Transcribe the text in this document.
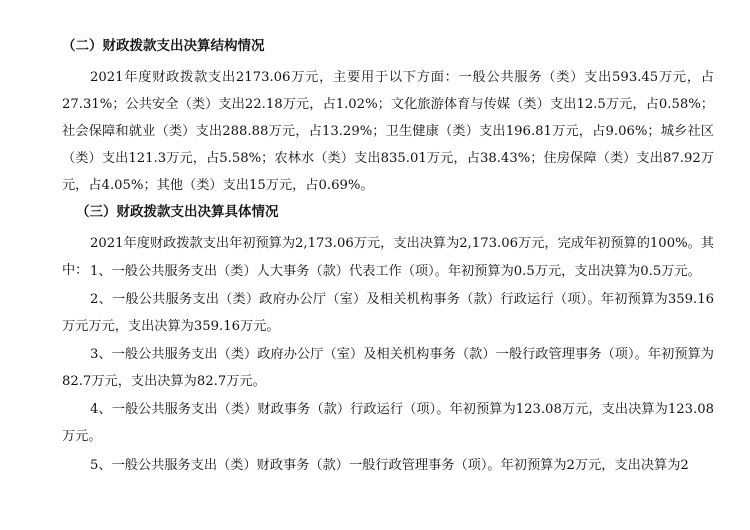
（二）财政拨款支出决算结构情况
2021年度财政拨款支出2173.06万元，主要用于以下方面：一般公共服务（类）支出593.45万元，占27.31%；公共安全（类）支出22.18万元，占1.02%；文化旅游体育与传媒（类）支出12.5万元，占0.58%；社会保障和就业（类）支出288.88万元，占13.29%；卫生健康（类）支出196.81万元，占9.06%；城乡社区（类）支出121.3万元，占5.58%；农林水（类）支出835.01万元，占38.43%；住房保障（类）支出87.92万元，占4.05%；其他（类）支出15万元，占0.69%。
（三）财政拨款支出决算具体情况
2021年度财政拨款支出年初预算为2,173.06万元，支出决算为2,173.06万元，完成年初预算的100%。其中： 1、一般公共服务支出（类）人大事务（款）代表工作（项）。年初预算为0.5万元，支出决算为0.5万元。
2、一般公共服务支出（类）政府办公厅（室）及相关机构事务（款）行政运行（项）。年初预算为359.16万元万元，支出决算为359.16万元。
3、一般公共服务支出（类）政府办公厅（室）及相关机构事务（款）一般行政管理事务（项）。年初预算为82.7万元，支出决算为82.7万元。
4、一般公共服务支出（类）财政事务（款）行政运行（项）。年初预算为123.08万元，支出决算为123.08万元。
5、一般公共服务支出（类）财政事务（款）一般行政管理事务（项）。年初预算为2万元，支出决算为2
